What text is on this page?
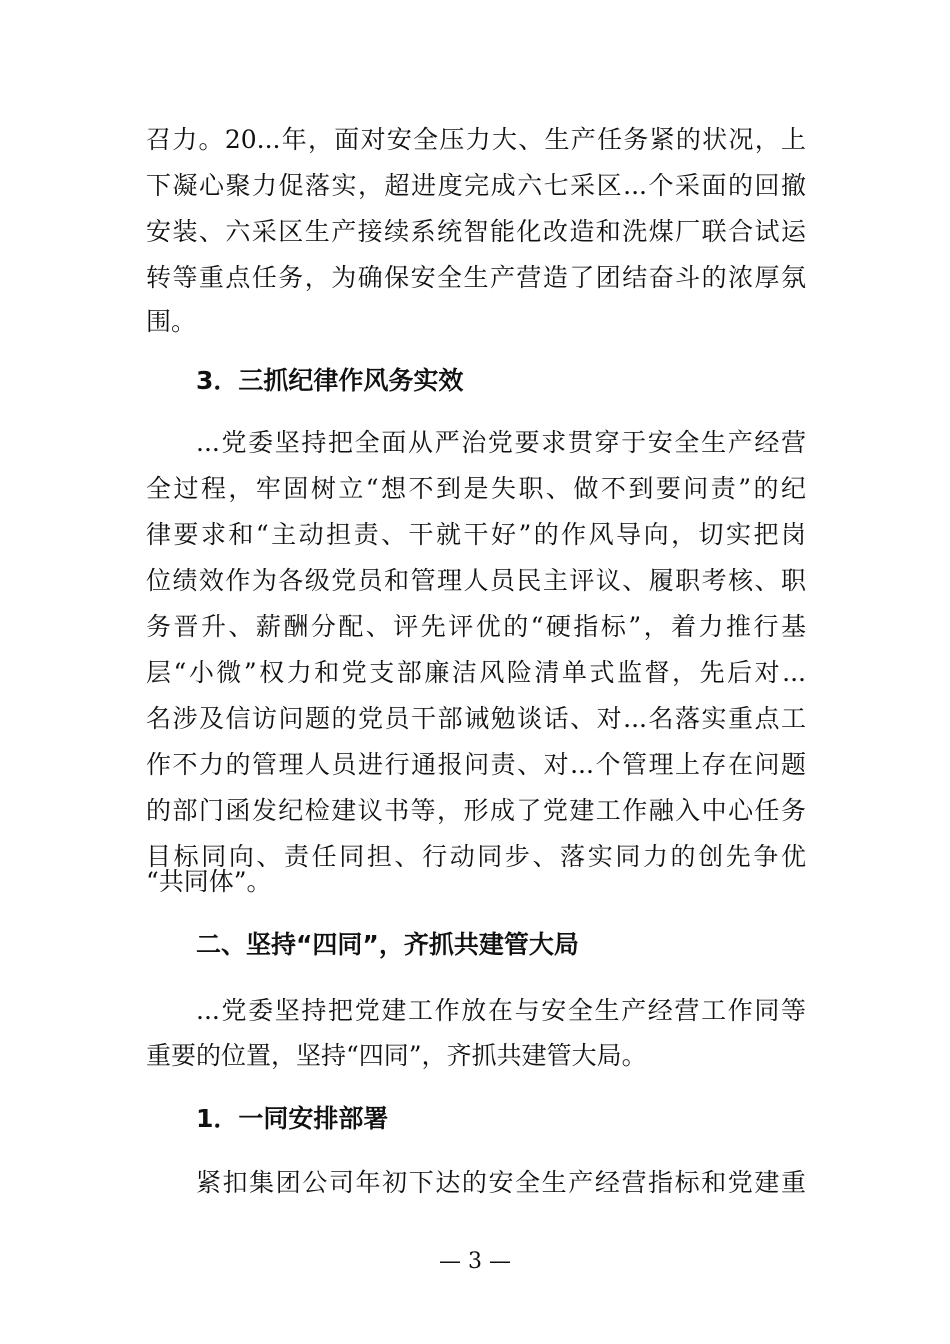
召力。20...年，面对安全压力大、生产任务紧的状况，上
下凝心聚力促落实，超进度完成六七采区...个采面的回撤
安装、六采区生产接续系统智能化改造和洗煤厂联合试运
转等重点任务，为确保安全生产营造了团结奋斗的浓厚氛
围。
3．三抓纪律作风务实效
...党委坚持把全面从严治党要求贯穿于安全生产经营
全过程，牢固树立“想不到是失职、做不到要问责”的纪
律要求和“主动担责、干就干好”的作风导向，切实把岗
位绩效作为各级党员和管理人员民主评议、履职考核、职
务晋升、薪酬分配、评先评优的“硬指标”，着力推行基
层“小微”权力和党支部廉洁风险清单式监督，先后对...
名涉及信访问题的党员干部诫勉谈话、对...名落实重点工
作不力的管理人员进行通报问责、对...个管理上存在问题
的部门函发纪检建议书等，形成了党建工作融入中心任务
目标同向、责任同担、行动同步、落实同力的创先争优
“共同体”。
二、坚持“四同”，齐抓共建管大局
...党委坚持把党建工作放在与安全生产经营工作同等
重要的位置，坚持“四同”，齐抓共建管大局。
1．一同安排部署
紧扣集团公司年初下达的安全生产经营指标和党建重
— 3 —
